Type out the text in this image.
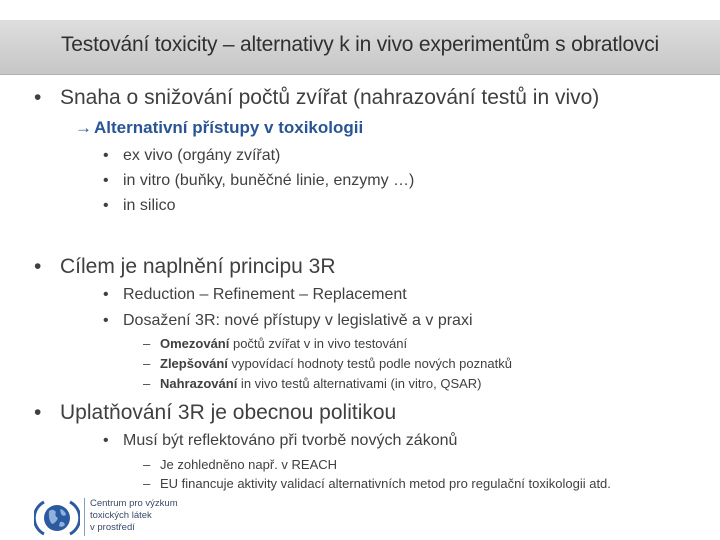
Testování toxicity – alternativy k in vivo experimentům s obratlovci
• Snaha o snižování počtů zvířat (nahrazování testů in vivo)
→ Alternativní přístupy v toxikologii
• ex vivo (orgány zvířat)
• in vitro (buňky, buněčné linie, enzymy …)
• in silico
• Cílem je naplnění principu 3R
• Reduction – Refinement – Replacement
• Dosažení 3R: nové přístupy v legislativě a v praxi
– Omezování počtů zvířat v in vivo testování
– Zlepšování vypovídací hodnoty testů podle nových poznatků
– Nahrazování in vivo testů alternativami (in vitro, QSAR)
• Uplatňování 3R je obecnou politikou
• Musí být reflektováno při tvorbě nových zákonů
– Je zohledněno např. v REACH
– EU financuje aktivity validací alternativních metod pro regulační toxikologii atd.
Centrum pro výzkum
toxických látek
v prostředí
